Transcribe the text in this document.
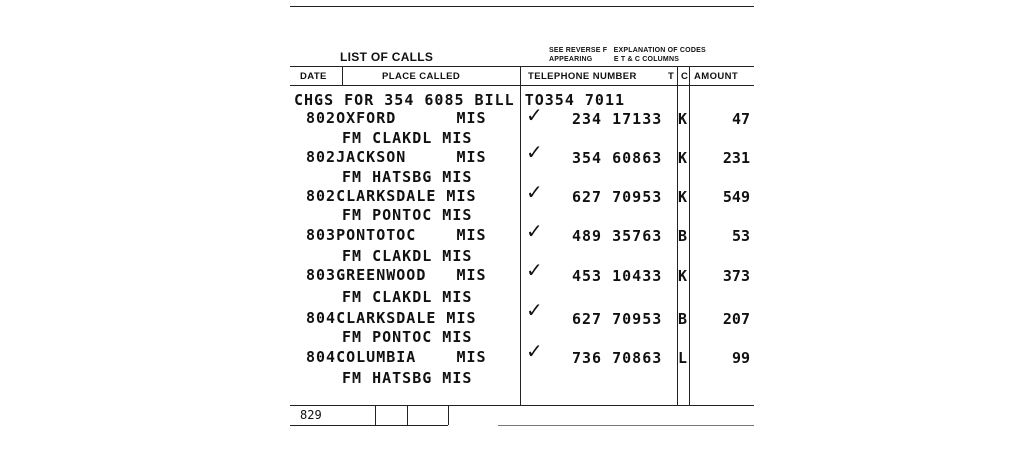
LIST OF CALLS	SEE REVERSE F   EXPLANATION OF CODES
APPEARING          E T & C COLUMNS
DATE	PLACE CALLED	TELEPHONE NUMBER	T C AMOUNT
CHGS FOR 354 6085 BILL TO354 7011
802OXFORD      MIS ✓ 234 17133 K	47
FM CLAKDL MIS
802JACKSON     MIS ✓ 354 60863 K	231
FM HATSBG MIS
802CLARKSDALE MIS ✓ 627 70953 K	549
FM PONTOC MIS
803PONTOTOC    MIS ✓ 489 35763 B	53
FM CLAKDL MIS
803GREENWOOD   MIS ✓ 453 10433 K	373
FM CLAKDL MIS
804CLARKSDALE MIS ✓ 627 70953 B	207
FM PONTOC MIS
804COLUMBIA    MIS ✓ 736 70863 L	99
FM HATSBG MIS
829
